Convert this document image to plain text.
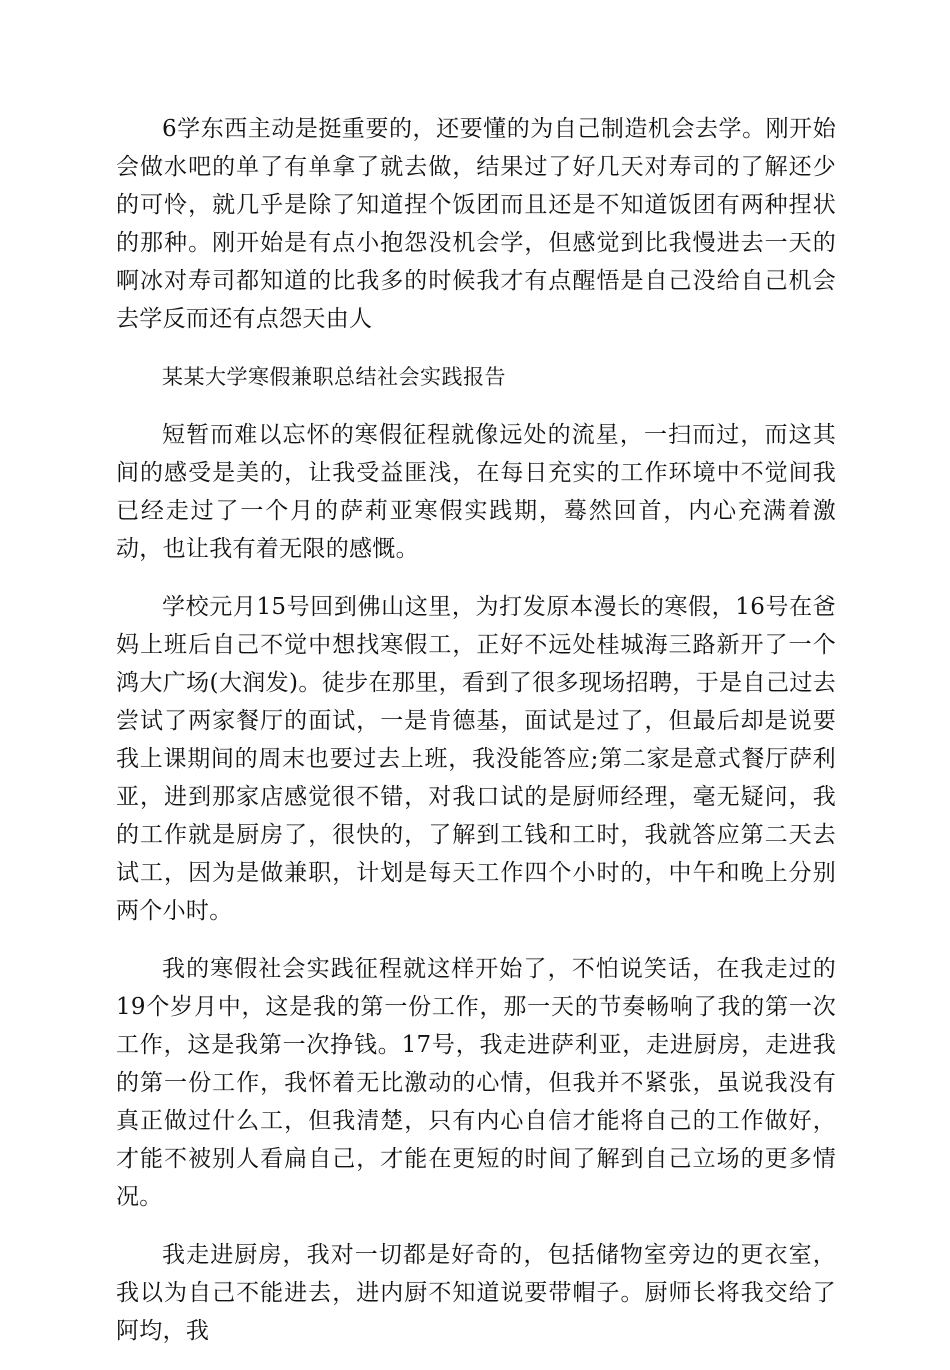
6学东西主动是挺重要的，还要懂的为自己制造机会去学。刚开始会做水吧的单了有单拿了就去做，结果过了好几天对寿司的了解还少的可怜，就几乎是除了知道捏个饭团而且还是不知道饭团有两种捏状的那种。刚开始是有点小抱怨没机会学，但感觉到比我慢进去一天的啊冰对寿司都知道的比我多的时候我才有点醒悟是自己没给自己机会去学反而还有点怨天由人

某某大学寒假兼职总结社会实践报告

短暂而难以忘怀的寒假征程就像远处的流星，一扫而过，而这其间的感受是美的，让我受益匪浅，在每日充实的工作环境中不觉间我已经走过了一个月的萨莉亚寒假实践期，蓦然回首，内心充满着激动，也让我有着无限的感慨。

学校元月15号回到佛山这里，为打发原本漫长的寒假，16号在爸妈上班后自己不觉中想找寒假工，正好不远处桂城海三路新开了一个鸿大广场(大润发)。徒步在那里，看到了很多现场招聘，于是自己过去尝试了两家餐厅的面试，一是肯德基，面试是过了，但最后却是说要我上课期间的周末也要过去上班，我没能答应;第二家是意式餐厅萨利亚，进到那家店感觉很不错，对我口试的是厨师经理，毫无疑问，我的工作就是厨房了，很快的，了解到工钱和工时，我就答应第二天去试工，因为是做兼职，计划是每天工作四个小时的，中午和晚上分别两个小时。

我的寒假社会实践征程就这样开始了，不怕说笑话，在我走过的19个岁月中，这是我的第一份工作，那一天的节奏畅响了我的第一次工作，这是我第一次挣钱。17号，我走进萨利亚，走进厨房，走进我的第一份工作，我怀着无比激动的心情，但我并不紧张，虽说我没有真正做过什么工，但我清楚，只有内心自信才能将自己的工作做好，才能不被别人看扁自己，才能在更短的时间了解到自己立场的更多情况。

我走进厨房，我对一切都是好奇的，包括储物室旁边的更衣室，我以为自己不能进去，进内厨不知道说要带帽子。厨师长将我交给了阿均，我
